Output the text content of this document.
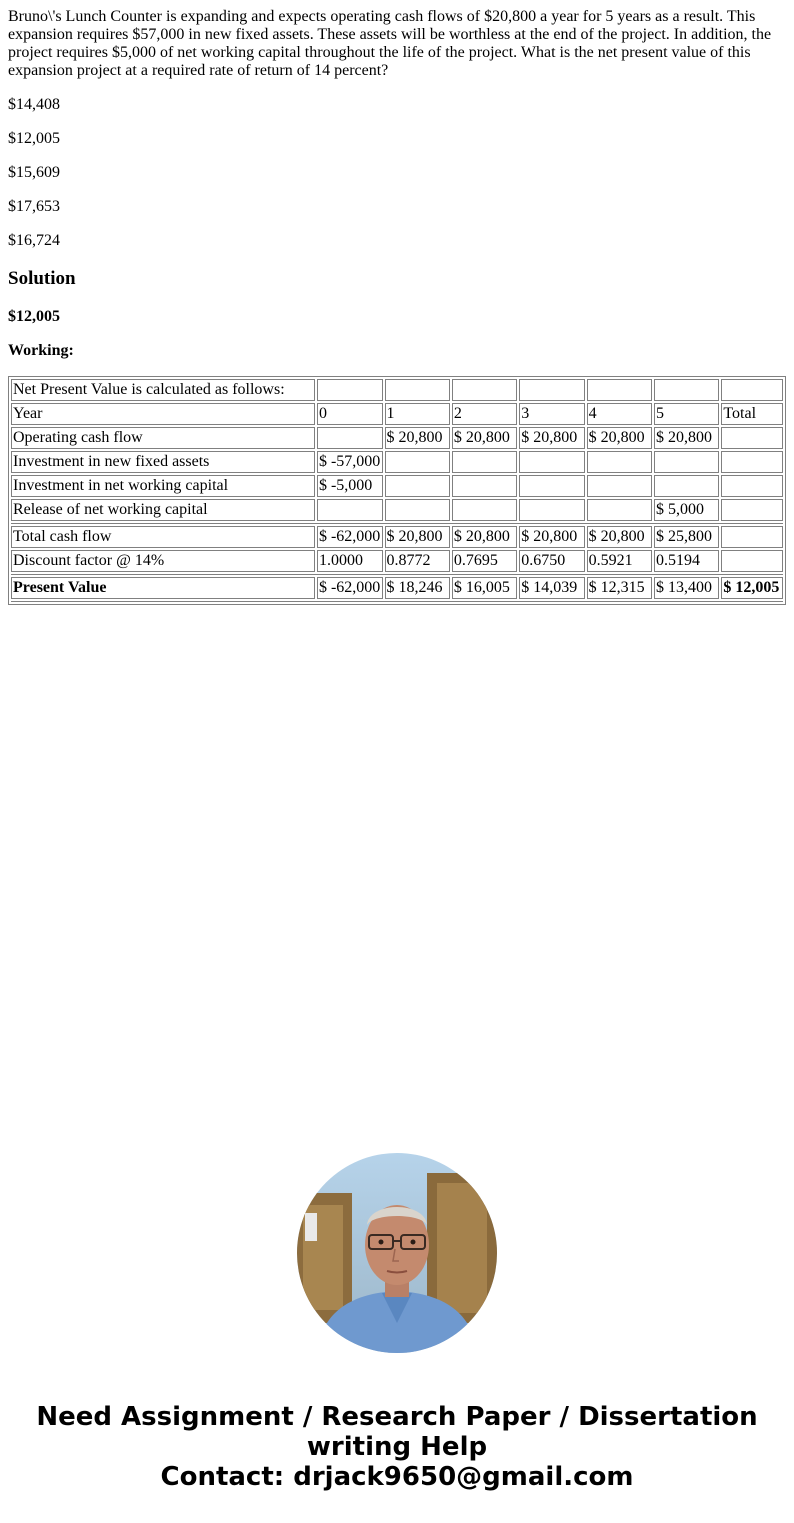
Bruno\'s Lunch Counter is expanding and expects operating cash flows of $20,800 a year for 5 years as a result. This expansion requires $57,000 in new fixed assets. These assets will be worthless at the end of the project. In addition, the project requires $5,000 of net working capital throughout the life of the project. What is the net present value of this expansion project at a required rate of return of 14 percent?

$14,408

$12,005

$15,609

$17,653

$16,724

Solution

$12,005

Working:

Net Present Value is calculated as follows:							
Year	0	1	2	3	4	5	Total
Operating cash flow		$ 20,800	$ 20,800	$ 20,800	$ 20,800	$ 20,800	
Investment in new fixed assets	$ -57,000						
Investment in net working capital	$ -5,000						
Release of net working capital						$ 5,000	

Total cash flow	$ -62,000	$ 20,800	$ 20,800	$ 20,800	$ 20,800	$ 25,800	
Discount factor @ 14%	1.0000	0.8772	0.7695	0.6750	0.5921	0.5194	

Present Value	$ -62,000	$ 18,246	$ 16,005	$ 14,039	$ 12,315	$ 13,400	$ 12,005

Need Assignment / Research Paper / Dissertation writing Help
Contact: drjack9650@gmail.com
